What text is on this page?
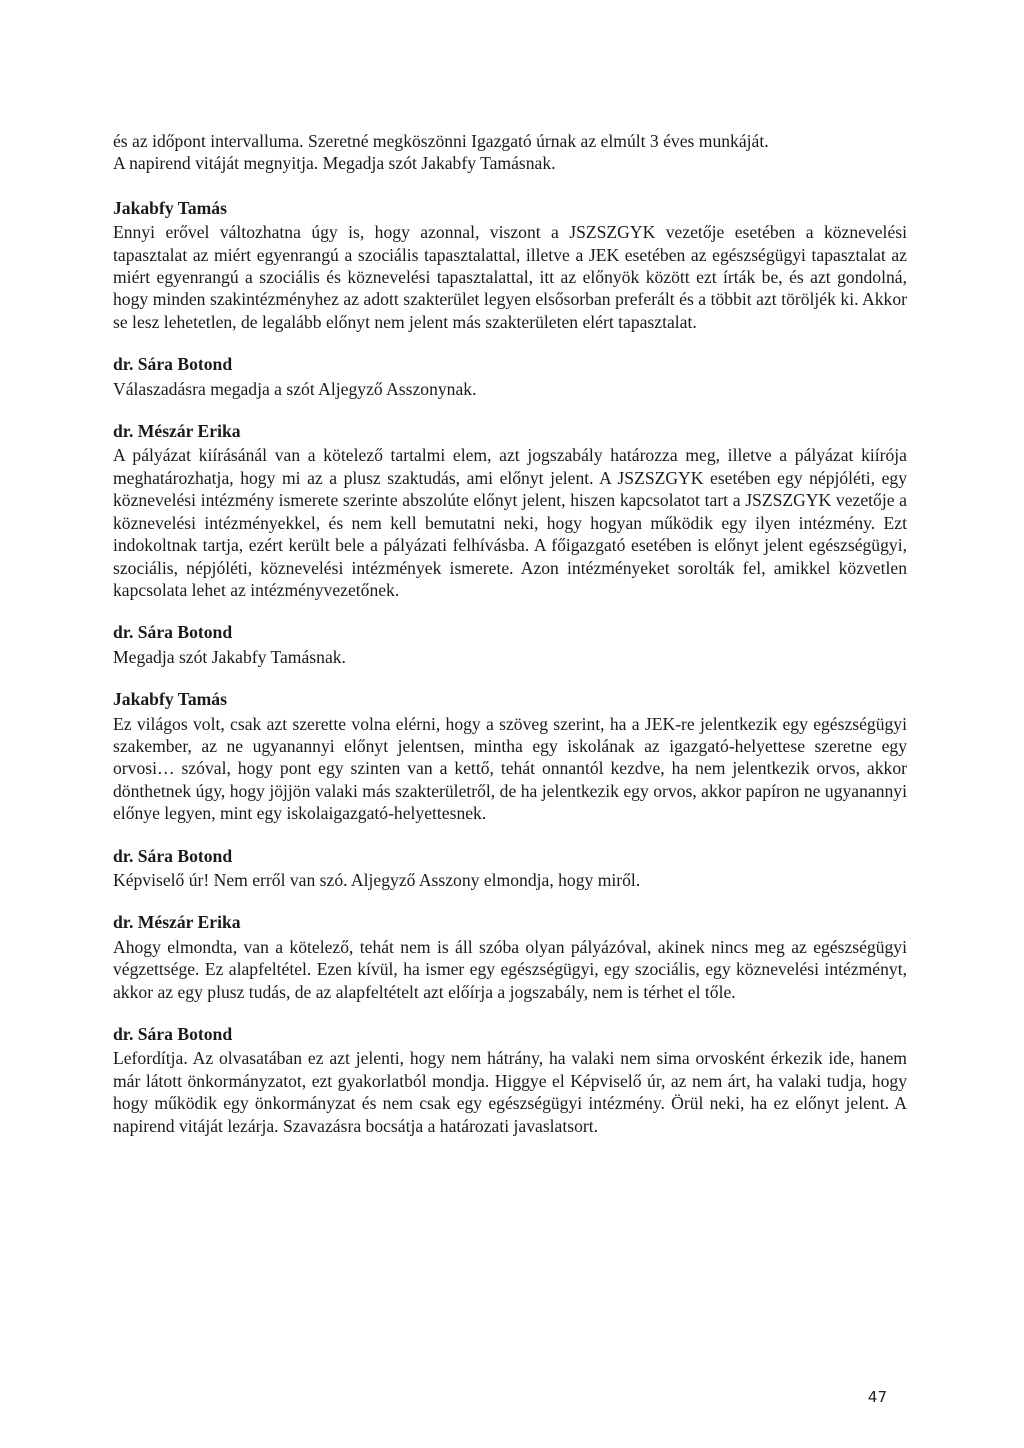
és az időpont intervalluma. Szeretné megköszönni Igazgató úrnak az elmúlt 3 éves munkáját.

A napirend vitáját megnyitja. Megadja szót Jakabfy Tamásnak.

Jakabfy Tamás

Ennyi erővel változhatna úgy is, hogy azonnal, viszont a JSZSZGYK vezetője esetében a köznevelési tapasztalat az miért egyenrangú a szociális tapasztalattal, illetve a JEK esetében az egészségügyi tapasztalat az miért egyenrangú a szociális és köznevelési tapasztalattal, itt az előnyök között ezt írták be, és azt gondolná, hogy minden szakintézményhez az adott szakterület legyen elsősorban preferált és a többit azt töröljék ki. Akkor se lesz lehetetlen, de legalább előnyt nem jelent más szakterületen elért tapasztalat.

dr. Sára Botond

Válaszadásra megadja a szót Aljegyző Asszonynak.

dr. Mészár Erika

A pályázat kiírásánál van a kötelező tartalmi elem, azt jogszabály határozza meg, illetve a pályázat kiírója meghatározhatja, hogy mi az a plusz szaktudás, ami előnyt jelent. A JSZSZGYK esetében egy népjóléti, egy köznevelési intézmény ismerete szerinte abszolúte előnyt jelent, hiszen kapcsolatot tart a JSZSZGYK vezetője a köznevelési intézményekkel, és nem kell bemutatni neki, hogy hogyan működik egy ilyen intézmény. Ezt indokoltnak tartja, ezért került bele a pályázati felhívásba. A főigazgató esetében is előnyt jelent egészségügyi, szociális, népjóléti, köznevelési intézmények ismerete. Azon intézményeket sorolták fel, amikkel közvetlen kapcsolata lehet az intézményvezetőnek.

dr. Sára Botond

Megadja szót Jakabfy Tamásnak.

Jakabfy Tamás

Ez világos volt, csak azt szerette volna elérni, hogy a szöveg szerint, ha a JEK-re jelentkezik egy egészségügyi szakember, az ne ugyanannyi előnyt jelentsen, mintha egy iskolának az igazgató-helyettese szeretne egy orvosi… szóval, hogy pont egy szinten van a kettő, tehát onnantól kezdve, ha nem jelentkezik orvos, akkor dönthetnek úgy, hogy jöjjön valaki más szakterületről, de ha jelentkezik egy orvos, akkor papíron ne ugyanannyi előnye legyen, mint egy iskolaigazgató-helyettesnek.

dr. Sára Botond

Képviselő úr! Nem erről van szó. Aljegyző Asszony elmondja, hogy miről.

dr. Mészár Erika

Ahogy elmondta, van a kötelező, tehát nem is áll szóba olyan pályázóval, akinek nincs meg az egészségügyi végzettsége. Ez alapfeltétel. Ezen kívül, ha ismer egy egészségügyi, egy szociális, egy köznevelési intézményt, akkor az egy plusz tudás, de az alapfeltételt azt előírja a jogszabály, nem is térhet el tőle.

dr. Sára Botond

Lefordítja. Az olvasatában ez azt jelenti, hogy nem hátrány, ha valaki nem sima orvosként érkezik ide, hanem már látott önkormányzatot, ezt gyakorlatból mondja. Higgye el Képviselő úr, az nem árt, ha valaki tudja, hogy hogy működik egy önkormányzat és nem csak egy egészségügyi intézmény. Örül neki, ha ez előnyt jelent. A napirend vitáját lezárja. Szavazásra bocsátja a határozati javaslatsort.

47
